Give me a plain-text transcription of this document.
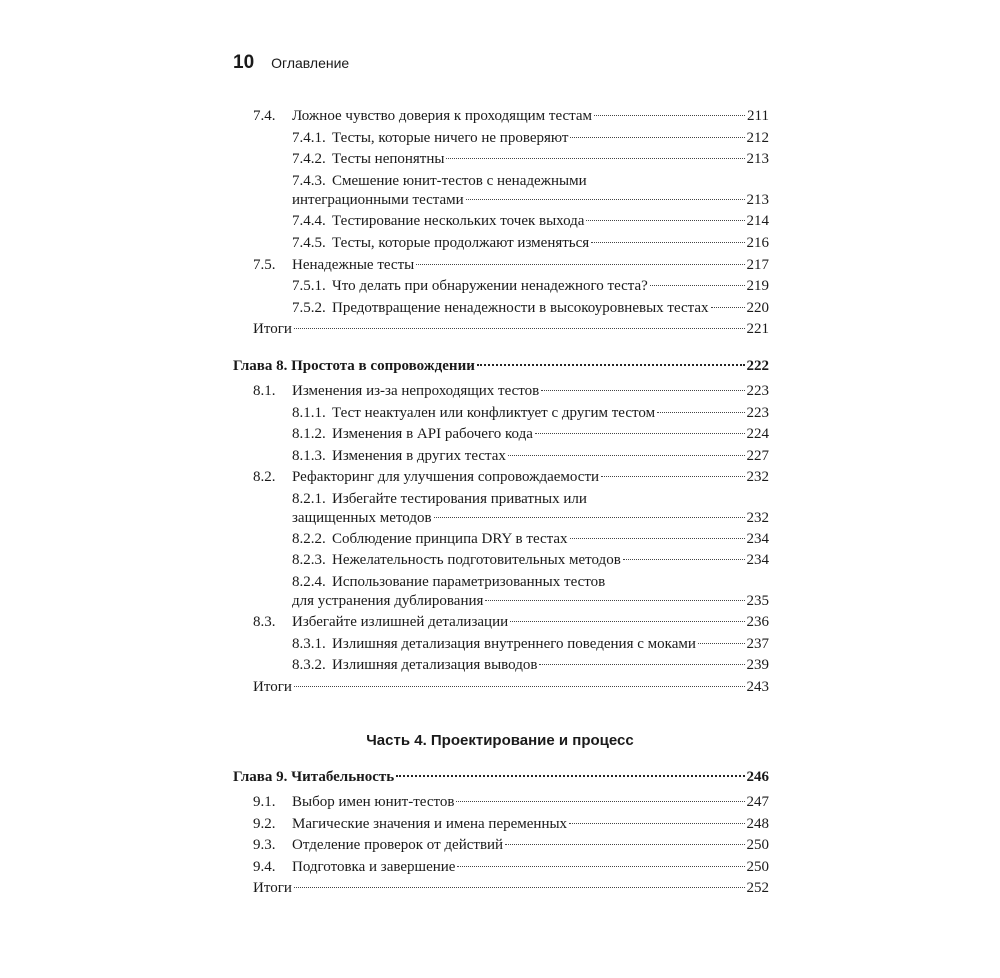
10 Оглавление
7.4. Ложное чувство доверия к проходящим тестам	211
7.4.1. Тесты, которые ничего не проверяют	212
7.4.2. Тесты непонятны	213
7.4.3. Смешение юнит-тестов с ненадежными
интеграционными тестами	213
7.4.4. Тестирование нескольких точек выхода	214
7.4.5. Тесты, которые продолжают изменяться	216
7.5. Ненадежные тесты	217
7.5.1. Что делать при обнаружении ненадежного теста?	219
7.5.2. Предотвращение ненадежности в высокоуровневых тестах	220
Итоги	221
Глава 8. Простота в сопровождении	222
8.1. Изменения из-за непроходящих тестов	223
8.1.1. Тест неактуален или конфликтует с другим тестом	223
8.1.2. Изменения в API рабочего кода	224
8.1.3. Изменения в других тестах	227
8.2. Рефакторинг для улучшения сопровождаемости	232
8.2.1. Избегайте тестирования приватных или
защищенных методов	232
8.2.2. Соблюдение принципа DRY в тестах	234
8.2.3. Нежелательность подготовительных методов	234
8.2.4. Использование параметризованных тестов
для устранения дублирования	235
8.3. Избегайте излишней детализации	236
8.3.1. Излишняя детализация внутреннего поведения с моками	237
8.3.2. Излишняя детализация выводов	239
Итоги	243
Часть 4. Проектирование и процесс
Глава 9. Читабельность	246
9.1. Выбор имен юнит-тестов	247
9.2. Магические значения и имена переменных	248
9.3. Отделение проверок от действий	250
9.4. Подготовка и завершение	250
Итоги	252
